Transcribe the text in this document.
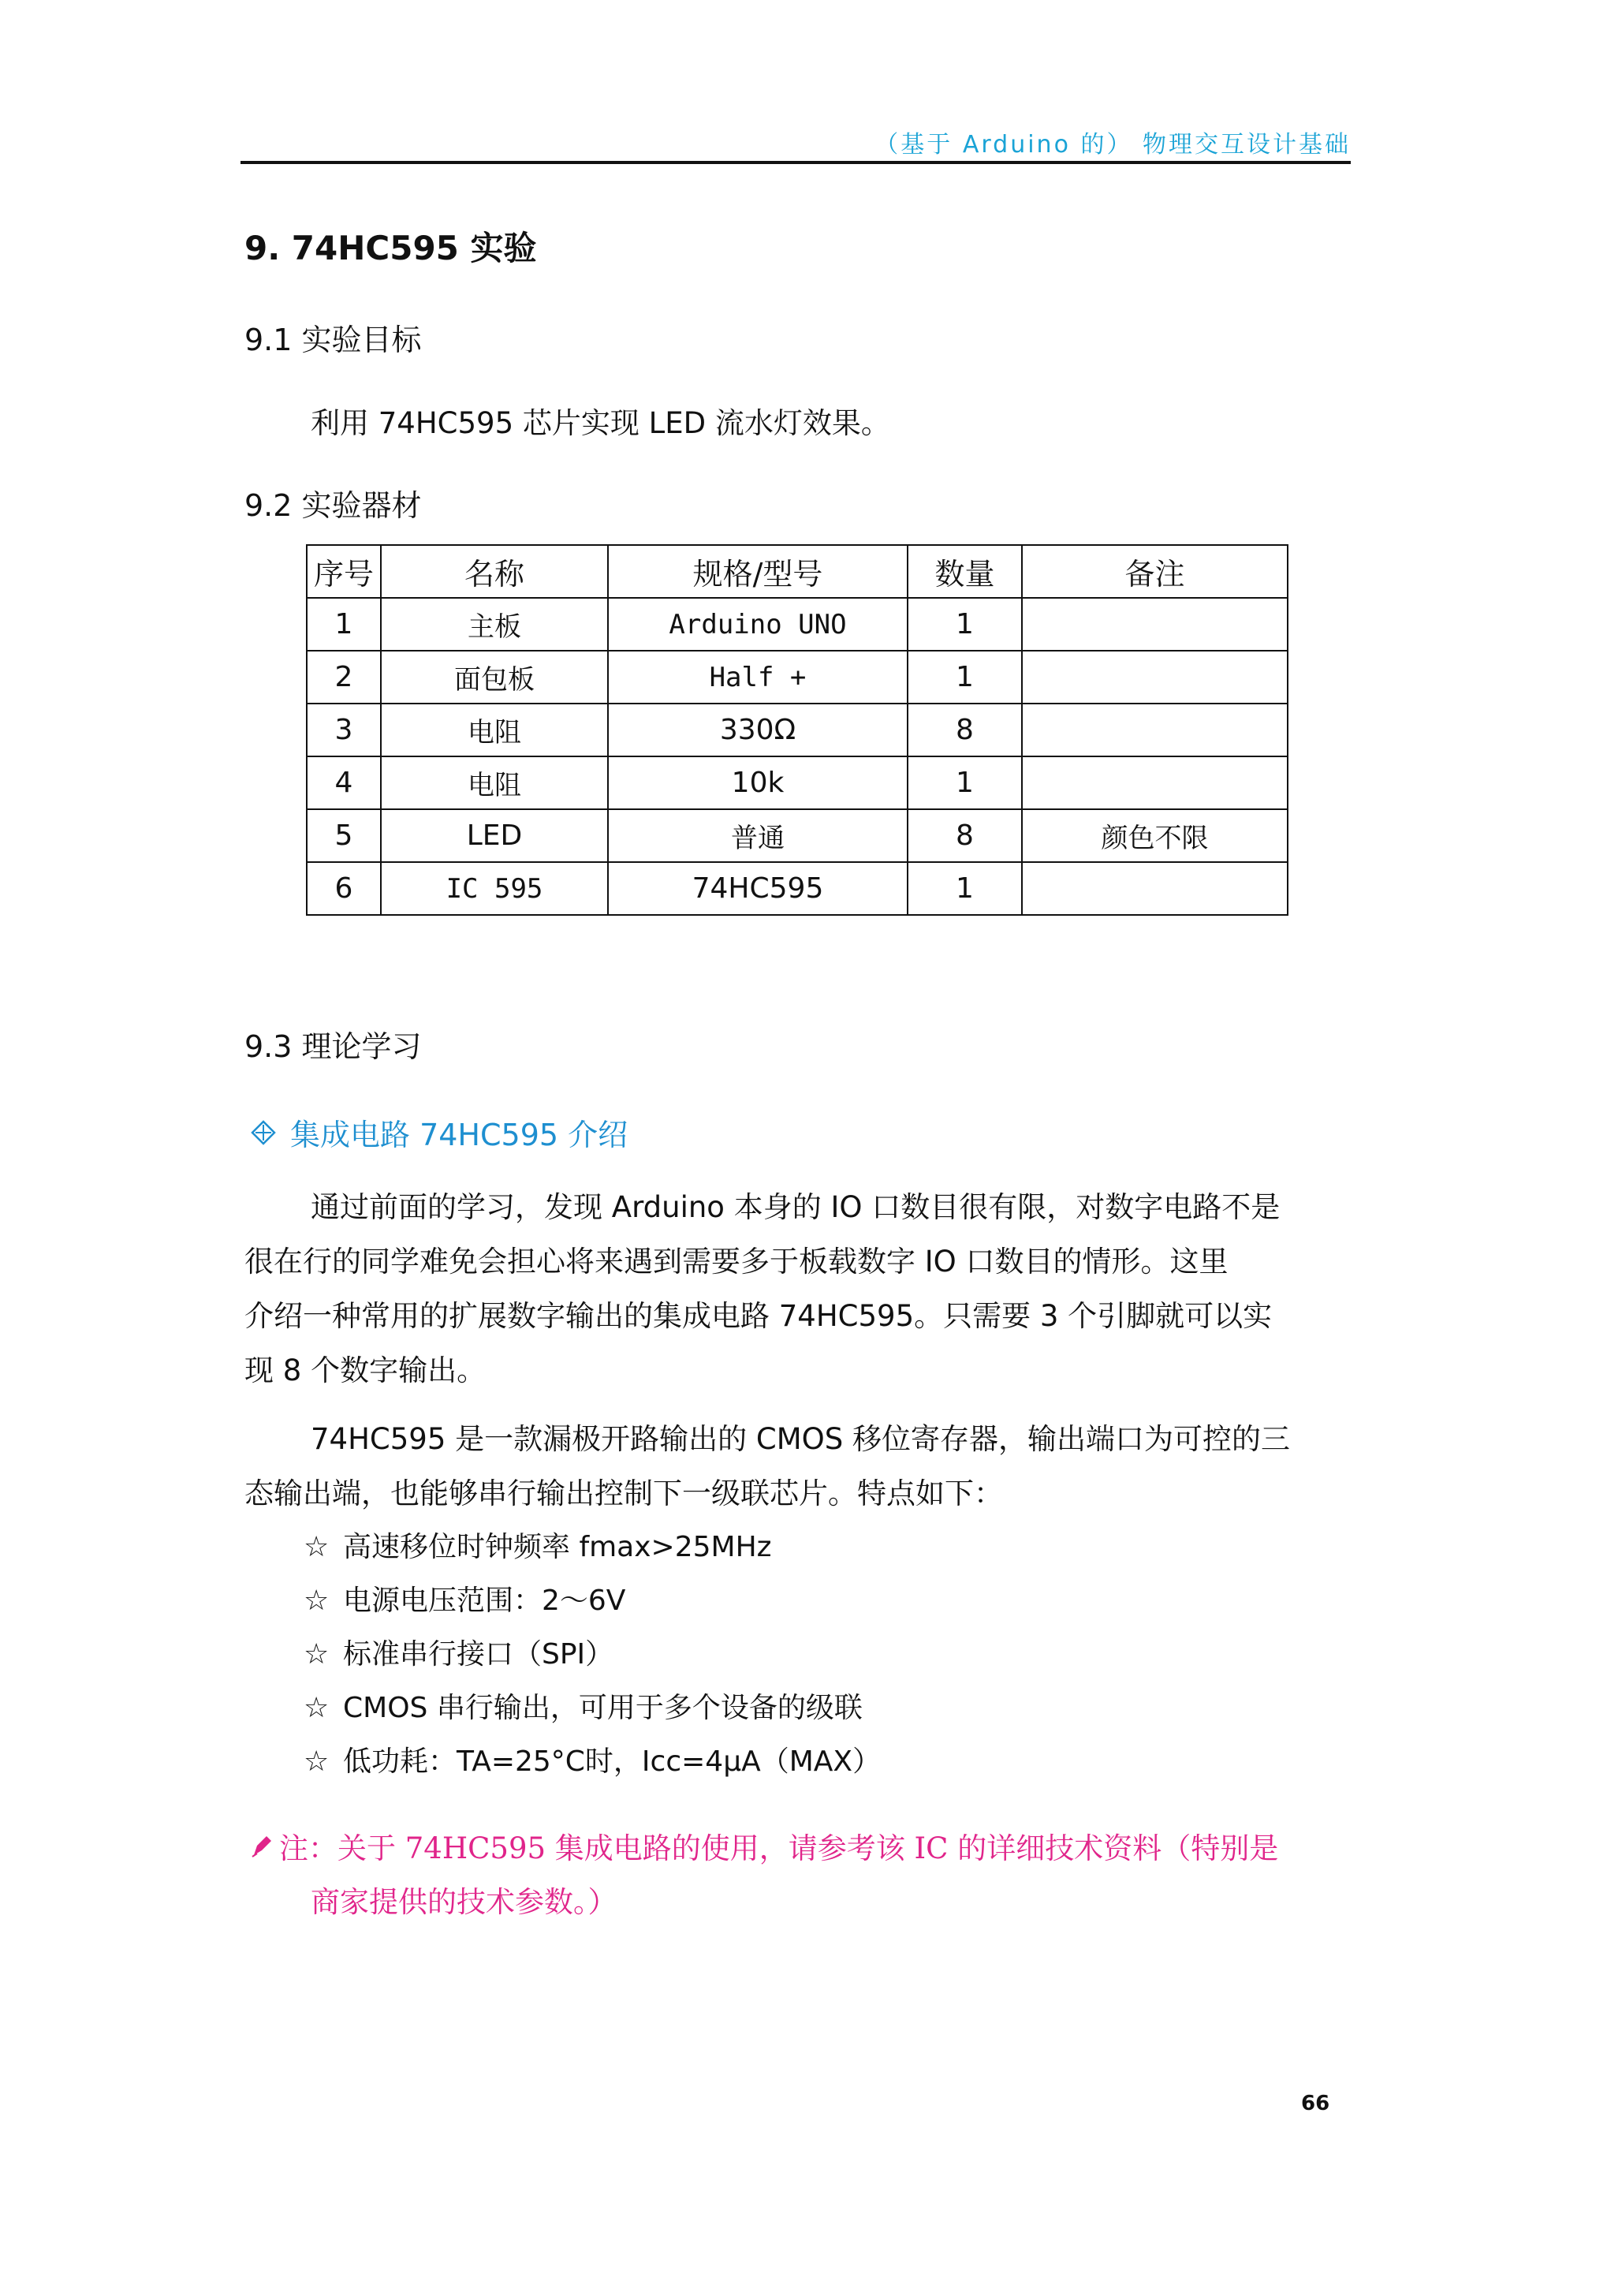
（基于 Arduino 的） 物理交互设计基础
9. 74HC595 实验
9.1 实验目标
利用 74HC595 芯片实现 LED 流水灯效果。
9.2 实验器材
序号	名称	规格/型号	数量	备注
1	主板	Arduino UNO	1	
2	面包板	Half +	1	
3	电阻	330Ω	8	
4	电阻	10k	1	
5	LED	普通	8	颜色不限
6	IC 595	74HC595	1	
9.3 理论学习
集成电路 74HC595 介绍
通过前面的学习，发现 Arduino 本身的 IO 口数目很有限，对数字电路不是
很在行的同学难免会担心将来遇到需要多于板载数字 IO 口数目的情形。这里
介绍一种常用的扩展数字输出的集成电路 74HC595。只需要 3 个引脚就可以实
现 8 个数字输出。
74HC595 是一款漏极开路输出的 CMOS 移位寄存器，输出端口为可控的三
态输出端，也能够串行输出控制下一级联芯片。特点如下：
☆ 高速移位时钟频率 fmax>25MHz
☆ 电源电压范围：2～6V
☆ 标准串行接口（SPI）
☆ CMOS 串行输出，可用于多个设备的级联
☆ 低功耗：TA=25°C时，Icc=4μA（MAX）
注：关于 74HC595 集成电路的使用，请参考该 IC 的详细技术资料（特别是
商家提供的技术参数。）
66
